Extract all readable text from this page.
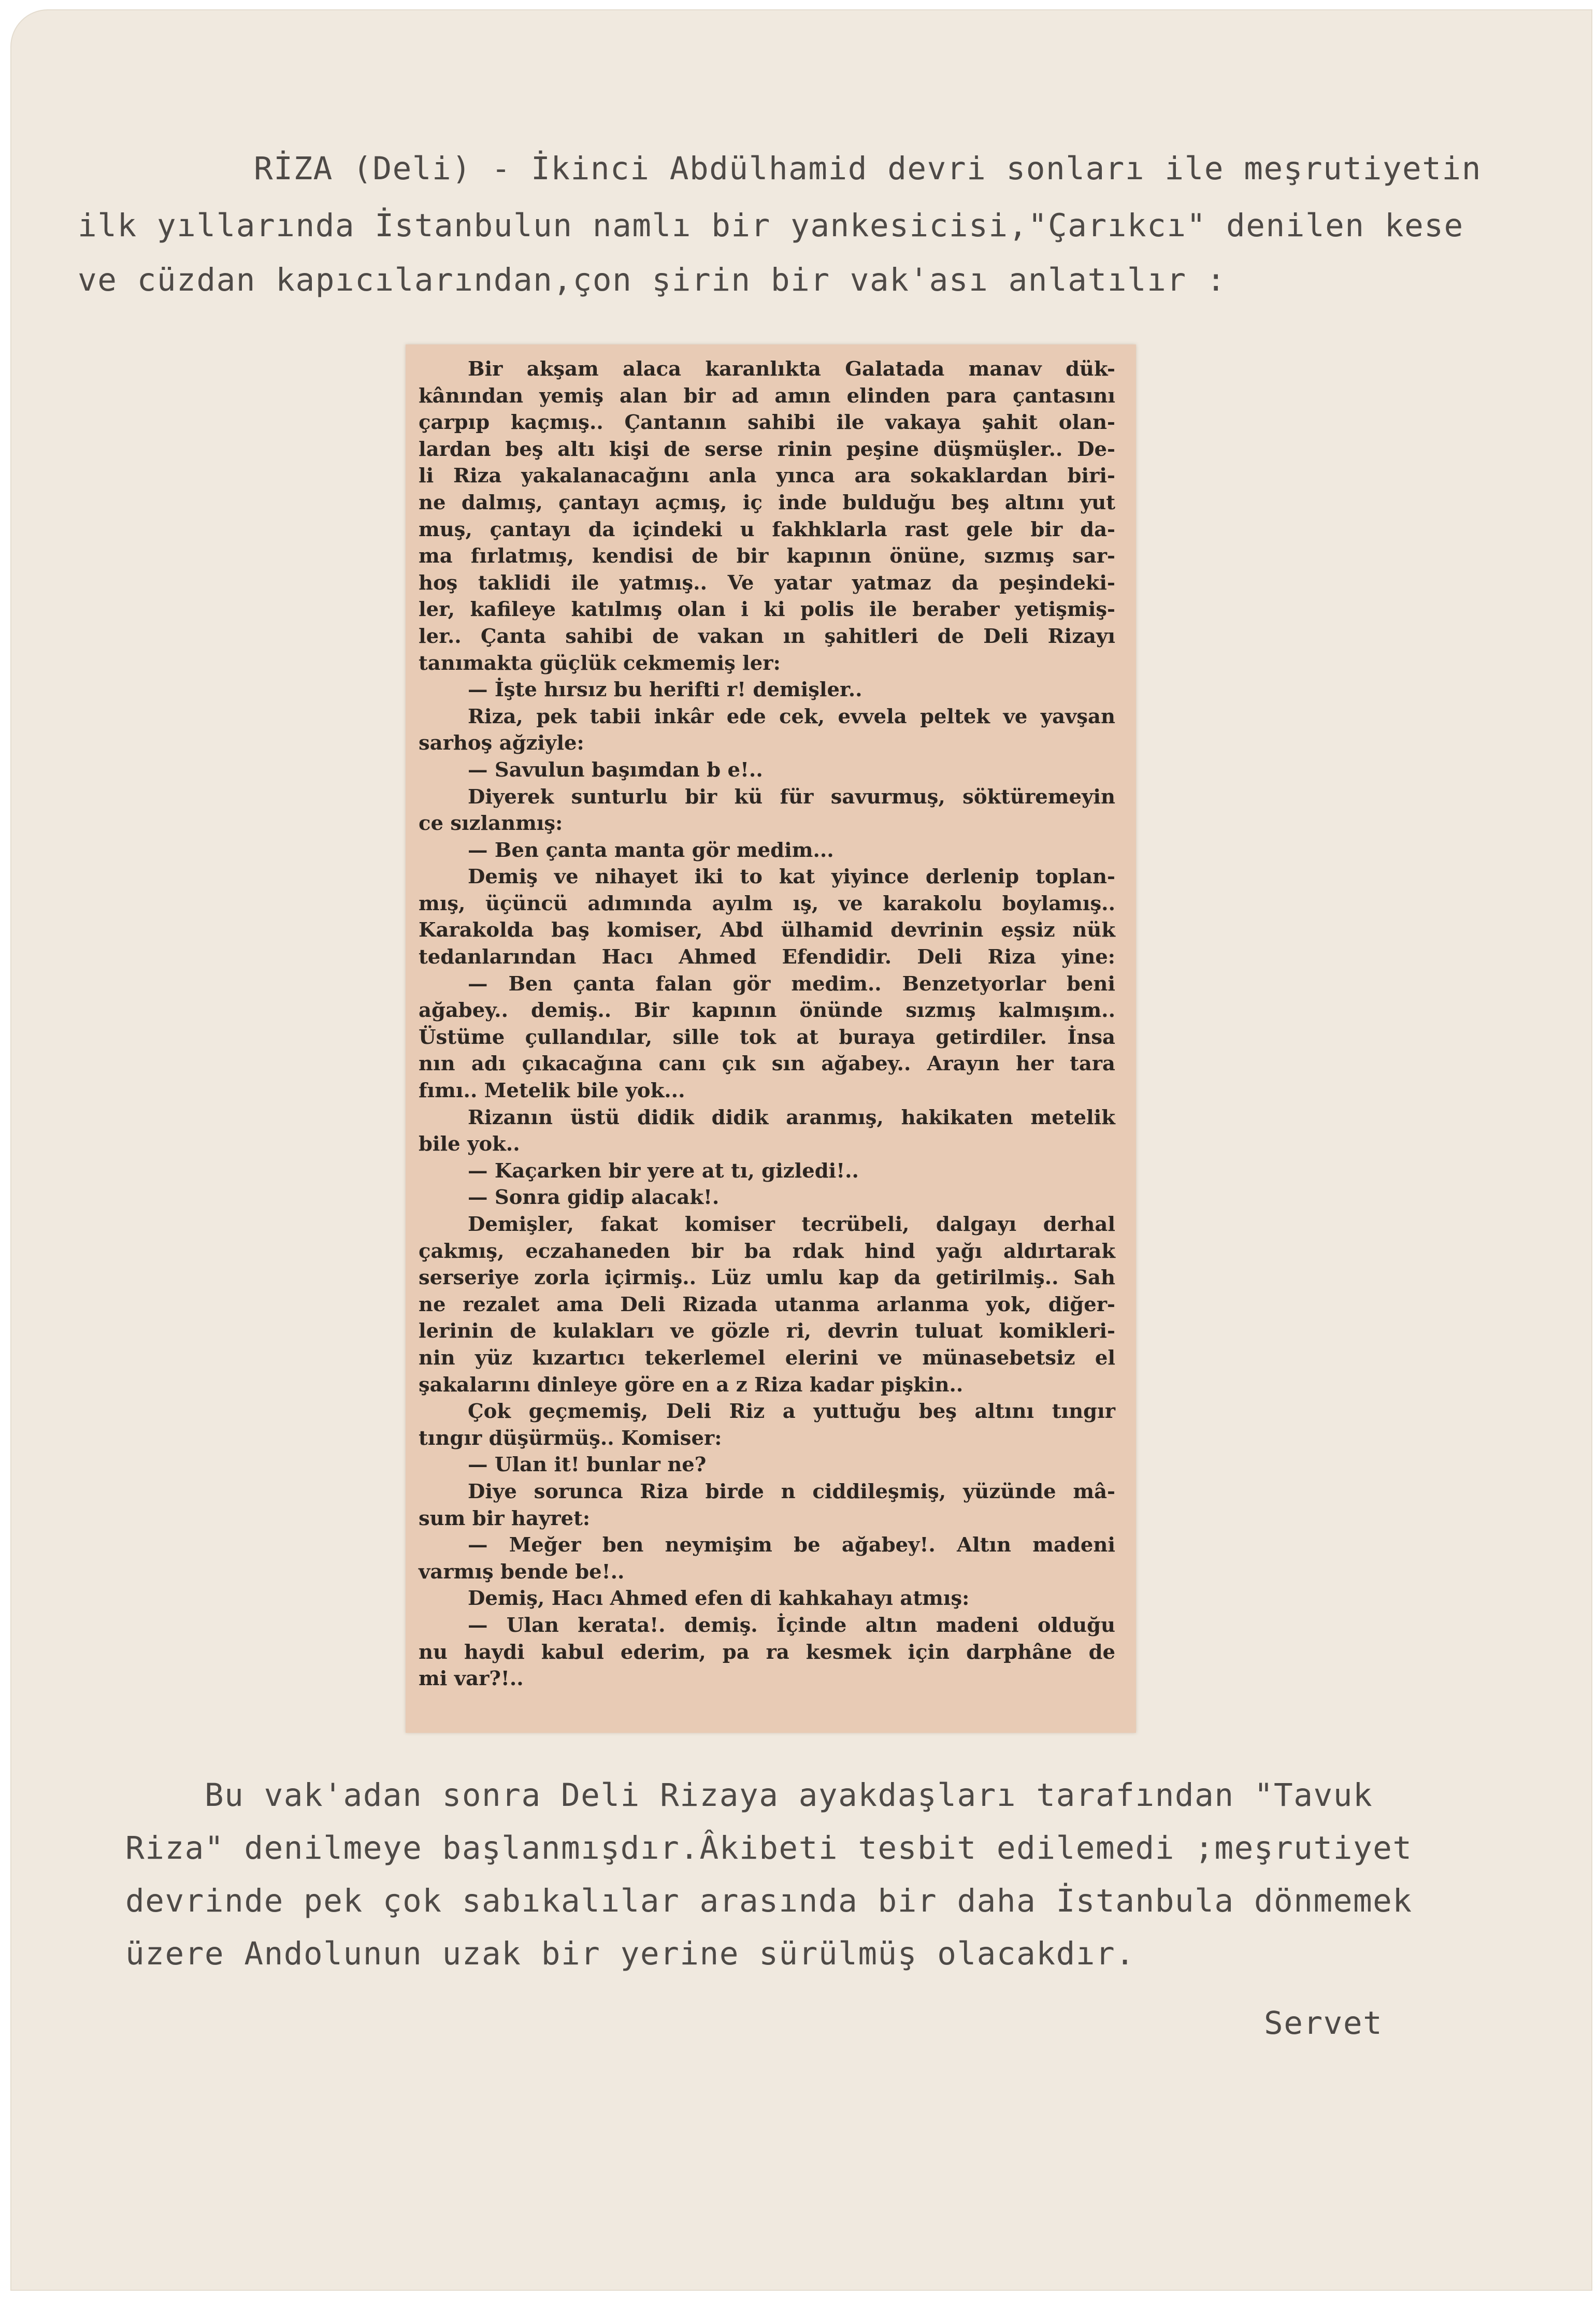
RİZA (Deli) - İkinci Abdülhamid devri sonları ile meşrutiyetin
ilk yıllarında İstanbulun namlı bir yankesicisi,"Çarıkcı" denilen kese
ve cüzdan kapıcılarından,çon şirin bir vak'ası anlatılır :
Bir akşam alaca karanlıkta Galatada manav dük-
kânından yemiş alan bir ad amın elinden para çantasını
çarpıp kaçmış.. Çantanın sahibi ile vakaya şahit olan-
lardan beş altı kişi de serse rinin peşine düşmüşler.. De-
li Riza yakalanacağını anla yınca ara sokaklardan biri-
ne dalmış, çantayı açmış, iç inde bulduğu beş altını yut
muş, çantayı da içindeki u fakhklarla rast gele bir da-
ma fırlatmış, kendisi de bir kapının önüne, sızmış sar-
hoş taklidi ile yatmış.. Ve yatar yatmaz da peşindeki-
ler, kafileye katılmış olan i ki polis ile beraber yetişmiş-
ler.. Çanta sahibi de vakan ın şahitleri de Deli Rizayı
tanımakta güçlük cekmemiş ler:
— İşte hırsız bu herifti r! demişler..
Riza, pek tabii inkâr ede cek, evvela peltek ve yavşan
sarhoş ağziyle:
— Savulun başımdan b e!..
Diyerek sunturlu bir kü für savurmuş, söktüremeyin
ce sızlanmış:
— Ben çanta manta gör medim...
Demiş ve nihayet iki to kat yiyince derlenip toplan-
mış, üçüncü adımında ayılm ış, ve karakolu boylamış..
Karakolda baş komiser, Abd ülhamid devrinin eşsiz nük
tedanlarından Hacı Ahmed Efendidir. Deli Riza yine:
— Ben çanta falan gör medim.. Benzetyorlar beni
ağabey.. demiş.. Bir kapının önünde sızmış kalmışım..
Üstüme çullandılar, sille tok at buraya getirdiler. İnsa
nın adı çıkacağına canı çık sın ağabey.. Arayın her tara
fımı.. Metelik bile yok...
Rizanın üstü didik didik aranmış, hakikaten metelik
bile yok..
— Kaçarken bir yere at tı, gizledi!..
— Sonra gidip alacak!.
Demişler, fakat komiser tecrübeli, dalgayı derhal
çakmış, eczahaneden bir ba rdak hind yağı aldırtarak
serseriye zorla içirmiş.. Lüz umlu kap da getirilmiş.. Sah
ne rezalet ama Deli Rizada utanma arlanma yok, diğer-
lerinin de kulakları ve gözle ri, devrin tuluat komikleri-
nin yüz kızartıcı tekerlemel elerini ve münasebetsiz el
şakalarını dinleye göre en a z Riza kadar pişkin..
Çok geçmemiş, Deli Riz a yuttuğu beş altını tıngır
tıngır düşürmüş.. Komiser:
— Ulan it! bunlar ne?
Diye sorunca Riza birde n ciddileşmiş, yüzünde mâ-
sum bir hayret:
— Meğer ben neymişim be ağabey!. Altın madeni
varmış bende be!..
Demiş, Hacı Ahmed efen di kahkahayı atmış:
— Ulan kerata!. demiş. İçinde altın madeni olduğu
nu haydi kabul ederim, pa ra kesmek için darphâne de
mi var?!..
Bu vak'adan sonra Deli Rizaya ayakdaşları tarafından "Tavuk
Riza" denilmeye başlanmışdır.Âkibeti tesbit edilemedi ;meşrutiyet
devrinde pek çok sabıkalılar arasında bir daha İstanbula dönmemek
üzere Andolunun uzak bir yerine sürülmüş olacakdır.
Servet
